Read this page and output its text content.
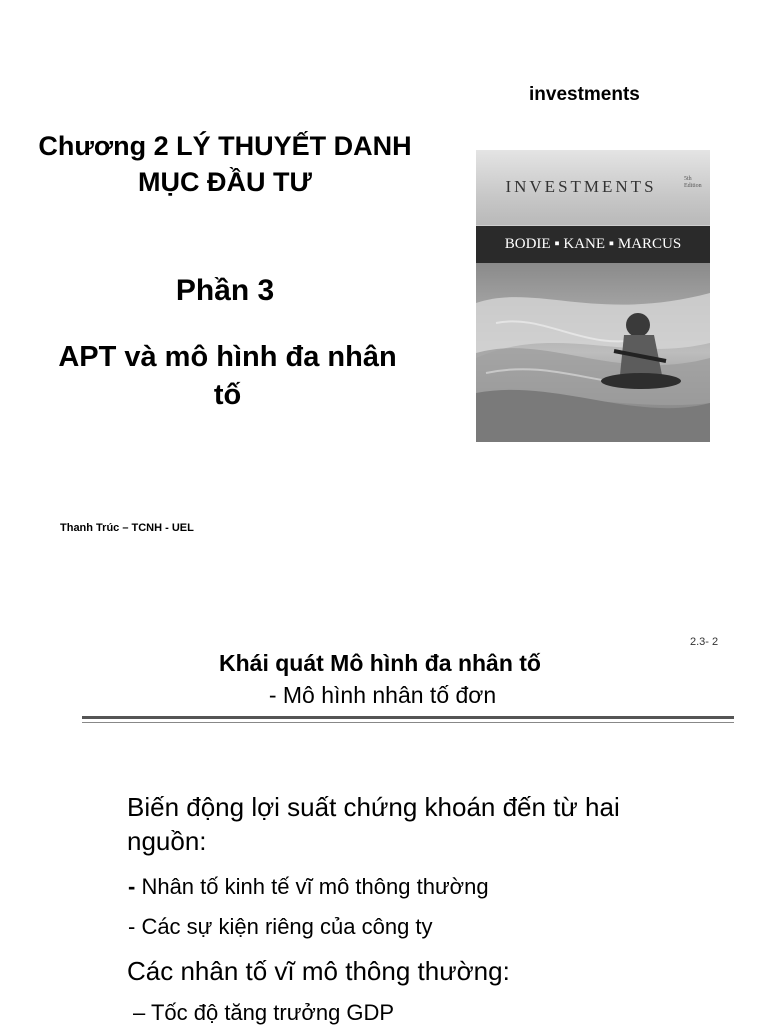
investments
Chương 2 LÝ THUYẾT DANH MỤC ĐẦU TƯ
Phần 3
APT và mô hình đa nhân tố
Thanh Trúc – TCNH - UEL
INVESTMENTS	5th Edition
BODIE ▪ KANE ▪ MARCUS
2.3- 2
Khái quát Mô hình đa nhân tố
- Mô hình nhân tố đơn
Biến động lợi suất chứng khoán đến từ hai nguồn:
- Nhân tố kinh tế vĩ mô thông thường
- Các sự kiện riêng của công ty
Các nhân tố vĩ mô thông thường:
– Tốc độ tăng trưởng GDP
